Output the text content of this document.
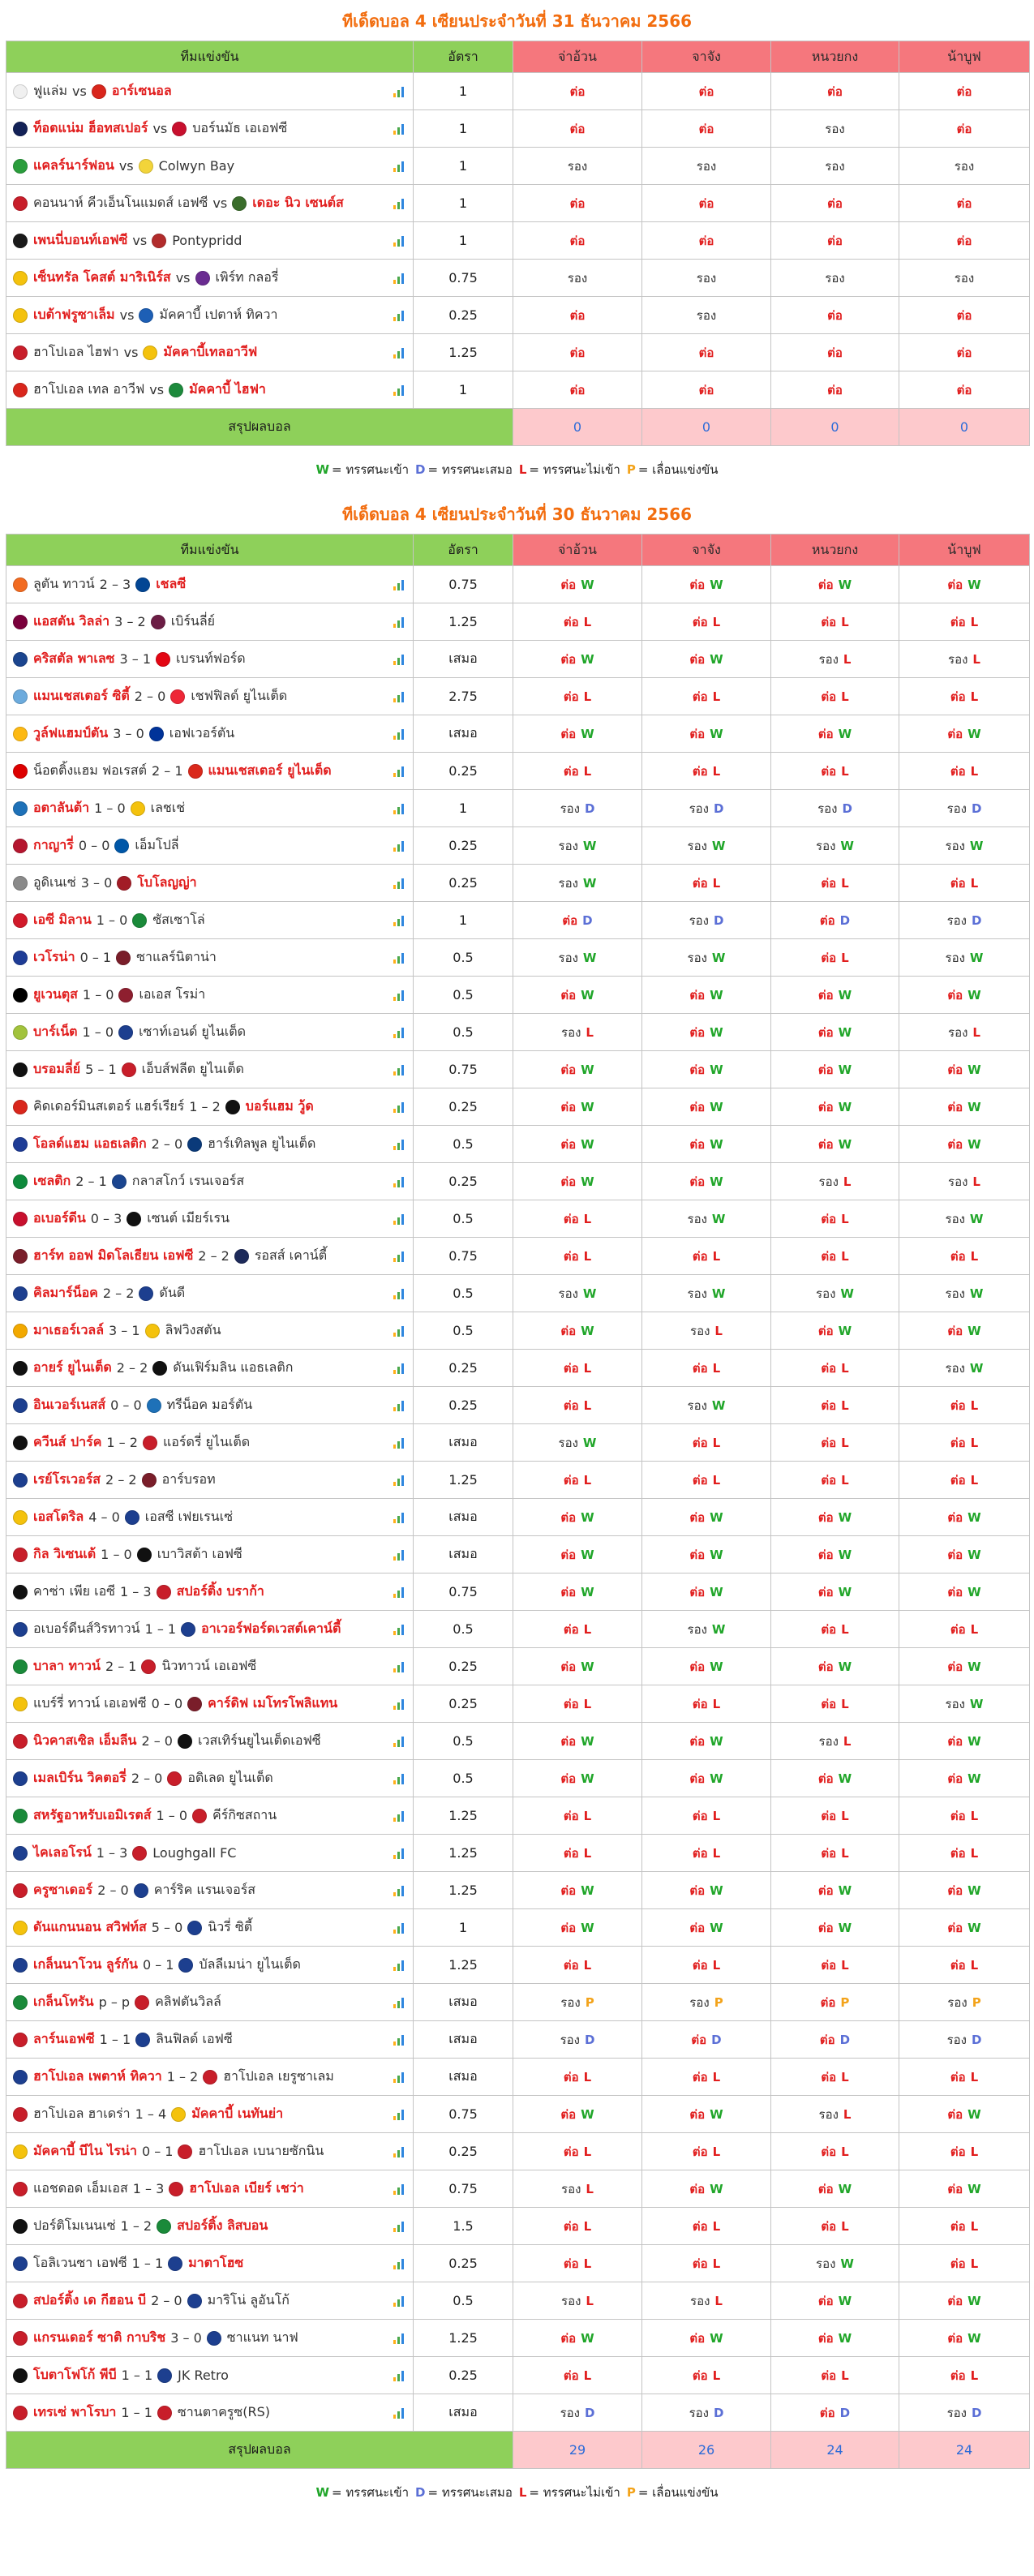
ทีเด็ดบอล 4 เซียนประจำวันที่ 31 ธันวาคม 2566
ทีมแข่งขัน	อัตรา	จ่าอ้วน	จาจัง	หนวยกง	น้าบูฟ

ฟูแล่ม vs อาร์เซนอล	1	ต่อ	ต่อ	ต่อ	ต่อ

ท็อตแน่ม ฮ็อทสเปอร์ vs บอร์นมัธ เอเอฟซี	1	ต่อ	ต่อ	รอง	ต่อ

แคลร์นาร์ฟอน vs Colwyn Bay	1	รอง	รอง	รอง	รอง

คอนนาห์ คีวเอ็นโนแมดส์ เอฟซี vs เดอะ นิว เซนต์ส	1	ต่อ	ต่อ	ต่อ	ต่อ

เพนนี่บอนท์เอฟซี vs Pontypridd	1	ต่อ	ต่อ	ต่อ	ต่อ

เซ็นทรัล โคสต์ มาริเนิร์ส vs เพิร์ท กลอรี่	0.75	รอง	รอง	รอง	รอง

เบต้าฟรูซาเล็ม vs มัคคาบี้ เปตาห์ ทิควา	0.25	ต่อ	รอง	ต่อ	ต่อ

ฮาโปเอล ไฮฟา vs มัคคาบี้เทลอาวีฟ	1.25	ต่อ	ต่อ	ต่อ	ต่อ

ฮาโปเอล เทล อาวีฟ vs มัคคาบี้ ไฮฟา	1	ต่อ	ต่อ	ต่อ	ต่อ
สรุปผลบอล		0	0	0	0
W = ทรรศนะเข้า D = ทรรศนะเสมอ L = ทรรศนะไม่เข้า P = เลื่อนแข่งขัน
ทีเด็ดบอล 4 เซียนประจำวันที่ 30 ธันวาคม 2566
ทีมแข่งขัน	อัตรา	จ่าอ้วน	จาจัง	หนวยกง	น้าบูฟ

ลูตัน ทาวน์ 2 – 3 เชลซี	0.75	ต่อ W	ต่อ W	ต่อ W	ต่อ W

แอสตัน วิลล่า 3 – 2 เบิร์นลี่ย์	1.25	ต่อ L	ต่อ L	ต่อ L	ต่อ L

คริสตัล พาเลซ 3 – 1 เบรนท์ฟอร์ด	เสมอ	ต่อ W	ต่อ W	รอง L	รอง L

แมนเชสเตอร์ ซิตี้ 2 – 0 เชฟฟิลด์ ยูไนเต็ด	2.75	ต่อ L	ต่อ L	ต่อ L	ต่อ L

วูล์ฟแฮมป์ตัน 3 – 0 เอฟเวอร์ตัน	เสมอ	ต่อ W	ต่อ W	ต่อ W	ต่อ W

น็อตติ้งแฮม ฟอเรสต์ 2 – 1 แมนเชสเตอร์ ยูไนเต็ด	0.25	ต่อ L	ต่อ L	ต่อ L	ต่อ L

อตาลันต้า 1 – 0 เลชเช่	1	รอง D	รอง D	รอง D	รอง D

กาญารี่ 0 – 0 เอ็มโปลี่	0.25	รอง W	รอง W	รอง W	รอง W

อูดิเนเซ่ 3 – 0 โบโลญญ่า	0.25	รอง W	ต่อ L	ต่อ L	ต่อ L

เอซี มิลาน 1 – 0 ซัสเซาโล่	1	ต่อ D	รอง D	ต่อ D	รอง D

เวโรน่า 0 – 1 ซาแลร์นิตาน่า	0.5	รอง W	รอง W	ต่อ L	รอง W

ยูเวนตุส 1 – 0 เอเอส โรม่า	0.5	ต่อ W	ต่อ W	ต่อ W	ต่อ W

บาร์เน็ต 1 – 0 เซาท์เอนด์ ยูไนเต็ด	0.5	รอง L	ต่อ W	ต่อ W	รอง L

บรอมลี่ย์ 5 – 1 เอ็บส์ฟลีต ยูไนเต็ด	0.75	ต่อ W	ต่อ W	ต่อ W	ต่อ W

คิดเดอร์มินสเตอร์ แฮร์เรียร์ 1 – 2 บอร์แฮม วู้ด	0.25	ต่อ W	ต่อ W	ต่อ W	ต่อ W

โอลด์แฮม แอธเลติก 2 – 0 ฮาร์เทิลพูล ยูไนเต็ด	0.5	ต่อ W	ต่อ W	ต่อ W	ต่อ W

เซลติก 2 – 1 กลาสโกว์ เรนเจอร์ส	0.25	ต่อ W	ต่อ W	รอง L	รอง L

อเบอร์ดีน 0 – 3 เซนต์ เมียร์เรน	0.5	ต่อ L	รอง W	ต่อ L	รอง W

ฮาร์ท ออฟ มิดโลเธียน เอฟซี 2 – 2 รอสส์ เคาน์ตี้	0.75	ต่อ L	ต่อ L	ต่อ L	ต่อ L

คิลมาร์น็อค 2 – 2 ดันดี	0.5	รอง W	รอง W	รอง W	รอง W

มาเธอร์เวลล์ 3 – 1 ลิฟวิงสตัน	0.5	ต่อ W	รอง L	ต่อ W	ต่อ W

อายร์ ยูไนเต็ด 2 – 2 ดันเฟิร์มลิน แอธเลติก	0.25	ต่อ L	ต่อ L	ต่อ L	รอง W

อินเวอร์เนสส์ 0 – 0 ทรีน็อค มอร์ตัน	0.25	ต่อ L	รอง W	ต่อ L	ต่อ L

ควีนส์ ปาร์ค 1 – 2 แอร์ดรี่ ยูไนเต็ด	เสมอ	รอง W	ต่อ L	ต่อ L	ต่อ L

เรย์โรเวอร์ส 2 – 2 อาร์บรอท	1.25	ต่อ L	ต่อ L	ต่อ L	ต่อ L

เอสโตริล 4 – 0 เอสซี เฟยเรนเซ่	เสมอ	ต่อ W	ต่อ W	ต่อ W	ต่อ W

กิล วิเซนเต้ 1 – 0 เบาวิสต้า เอฟซี	เสมอ	ต่อ W	ต่อ W	ต่อ W	ต่อ W

คาซ่า เพีย เอซี 1 – 3 สปอร์ติ้ง บราก้า	0.75	ต่อ W	ต่อ W	ต่อ W	ต่อ W

อเบอร์ดีนส์วิรทาวน์ 1 – 1 อาเวอร์ฟอร์ดเวสต์เคาน์ตี้	0.5	ต่อ L	รอง W	ต่อ L	ต่อ L

บาลา ทาวน์ 2 – 1 นิวทาวน์ เอเอฟซี	0.25	ต่อ W	ต่อ W	ต่อ W	ต่อ W

แบร์รี่ ทาวน์ เอเอฟซี 0 – 0 คาร์ดิฟ เมโทรโพลิแทน	0.25	ต่อ L	ต่อ L	ต่อ L	รอง W

นิวคาสเซิล เอ็มลีน 2 – 0 เวสเทิร์นยูไนเต็ดเอฟซี	0.5	ต่อ W	ต่อ W	รอง L	ต่อ W

เมลเบิร์น วิคตอรี่ 2 – 0 อดิเลด ยูไนเต็ด	0.5	ต่อ W	ต่อ W	ต่อ W	ต่อ W

สหรัฐอาหรับเอมิเรตส์ 1 – 0 คีร์กิซสถาน	1.25	ต่อ L	ต่อ L	ต่อ L	ต่อ L

ไคเลอโรน์ 1 – 3 Loughgall FC	1.25	ต่อ L	ต่อ L	ต่อ L	ต่อ L

ครูซาเดอร์ 2 – 0 คาร์ริค แรนเจอร์ส	1.25	ต่อ W	ต่อ W	ต่อ W	ต่อ W

ดันแกนนอน สวิฟท์ส 5 – 0 นิวรี่ ซิตี้	1	ต่อ W	ต่อ W	ต่อ W	ต่อ W

เกล็นนาโวน ลูร์กัน 0 – 1 บัลลีเมน่า ยูไนเต็ด	1.25	ต่อ L	ต่อ L	ต่อ L	ต่อ L

เกล็นโทรัน p – p คลิฟตันวิลล์	เสมอ	รอง P	รอง P	ต่อ P	รอง P

ลาร์นเอฟซี 1 – 1 ลินฟิลด์ เอฟซี	เสมอ	รอง D	ต่อ D	ต่อ D	รอง D

ฮาโปเอล เพตาห์ ทิควา 1 – 2 ฮาโปเอล เยรูซาเลม	เสมอ	ต่อ L	ต่อ L	ต่อ L	ต่อ L

ฮาโปเอล ฮาเดร่า 1 – 4 มัคคาบี้ เนทันย่า	0.75	ต่อ W	ต่อ W	รอง L	ต่อ W

มัคคาบี้ บีไน ไรน่า 0 – 1 ฮาโปเอล เบนายซักนิน	0.25	ต่อ L	ต่อ L	ต่อ L	ต่อ L

แอชดอด เอ็มเอส 1 – 3 ฮาโปเอล เบียร์ เชว่า	0.75	รอง L	ต่อ W	ต่อ W	ต่อ W

ปอร์ติโมเนนเซ่ 1 – 2 สปอร์ติ้ง ลิสบอน	1.5	ต่อ L	ต่อ L	ต่อ L	ต่อ L

โอลิเวนซา เอฟซี 1 – 1 มาตาโฮซ	0.25	ต่อ L	ต่อ L	รอง W	ต่อ L

สปอร์ติ้ง เด กีฮอน บี 2 – 0 มาริโน่ ลูอันโก้	0.5	รอง L	รอง L	ต่อ W	ต่อ W

แกรนเดอร์ ซาติ กาบริช 3 – 0 ซาแนท นาฟ	1.25	ต่อ W	ต่อ W	ต่อ W	ต่อ W

โบตาโฟโก้ พีบี 1 – 1 JK Retro	0.25	ต่อ L	ต่อ L	ต่อ L	ต่อ L

เทรเซ่ พาโรบา 1 – 1 ซานตาครูซ(RS)	เสมอ	รอง D	รอง D	ต่อ D	รอง D
สรุปผลบอล		29	26	24	24
W = ทรรศนะเข้า D = ทรรศนะเสมอ L = ทรรศนะไม่เข้า P = เลื่อนแข่งขัน
